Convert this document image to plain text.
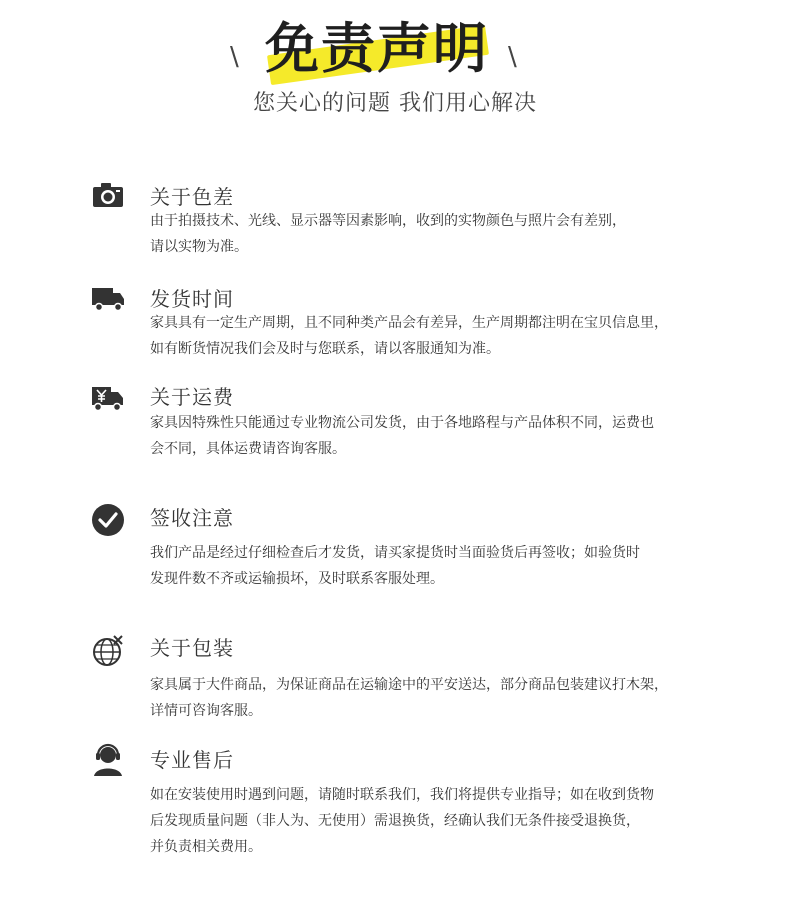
\ 免责声明 \
您关心的问题 我们用心解决
关于色差
由于拍摄技术、光线、显示器等因素影响，收到的实物颜色与照片会有差别，
请以实物为准。
发货时间
家具具有一定生产周期，且不同种类产品会有差异，生产周期都注明在宝贝信息里，
如有断货情况我们会及时与您联系，请以客服通知为准。
关于运费
家具因特殊性只能通过专业物流公司发货，由于各地路程与产品体积不同，运费也
会不同，具体运费请咨询客服。
签收注意
我们产品是经过仔细检查后才发货，请买家提货时当面验货后再签收；如验货时
发现件数不齐或运输损坏，及时联系客服处理。
关于包装
家具属于大件商品，为保证商品在运输途中的平安送达，部分商品包装建议打木架，
详情可咨询客服。
专业售后
如在安装使用时遇到问题，请随时联系我们，我们将提供专业指导；如在收到货物
后发现质量问题（非人为、无使用）需退换货，经确认我们无条件接受退换货，
并负责相关费用。
